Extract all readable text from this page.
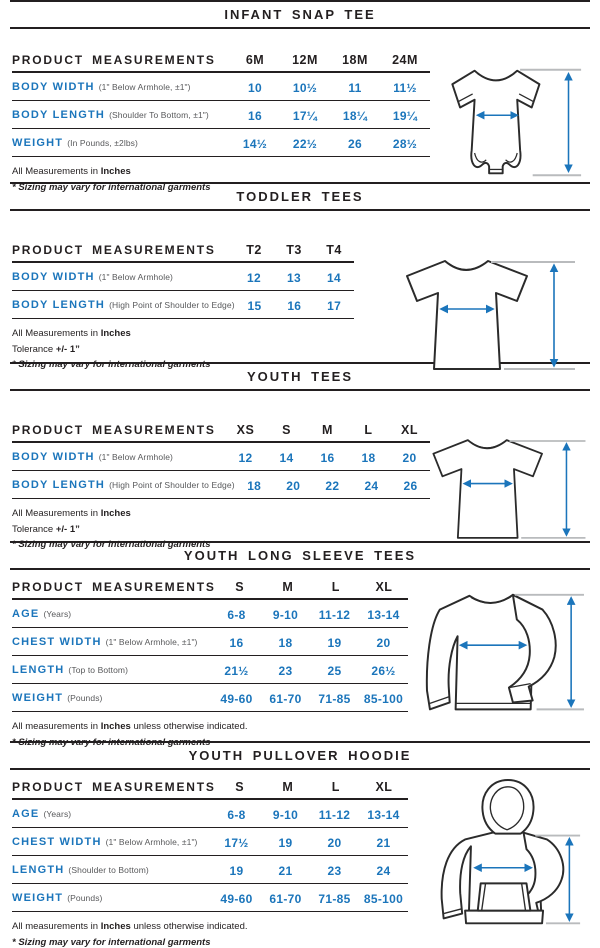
INFANT SNAP TEE
PRODUCT MEASUREMENTS	6M	12M	18M	24M
BODY WIDTH (1" Below Armhole, ±1")	10	10½	11	11½
BODY LENGTH (Shoulder To Bottom, ±1")	16	17¼	18¼	19¼
WEIGHT (In Pounds, ±2lbs)	14½	22½	26	28½
All Measurements in Inches
* Sizing may vary for international garments
TODDLER TEES
PRODUCT MEASUREMENTS	T2	T3	T4
BODY WIDTH (1" Below Armhole)	12	13	14
BODY LENGTH (High Point of Shoulder to Edge)	15	16	17
All Measurements in Inches
Tolerance +/- 1”
* Sizing may vary for international garments
YOUTH TEES
PRODUCT MEASUREMENTS	XS	S	M	L	XL
BODY WIDTH (1" Below Armhole)	12	14	16	18	20
BODY LENGTH (High Point of Shoulder to Edge)	18	20	22	24	26
All Measurements in Inches
Tolerance +/- 1”
* Sizing may vary for international garments
YOUTH LONG SLEEVE TEES
PRODUCT MEASUREMENTS	S	M	L	XL
AGE (Years)	6-8	9-10	11-12	13-14
CHEST WIDTH (1" Below Armhole, ±1")	16	18	19	20
LENGTH (Top to Bottom)	21½	23	25	26½
WEIGHT (Pounds)	49-60	61-70	71-85	85-100
All measurements in Inches unless otherwise indicated.
* Sizing may vary for international garments
YOUTH PULLOVER HOODIE
PRODUCT MEASUREMENTS	S	M	L	XL
AGE (Years)	6-8	9-10	11-12	13-14
CHEST WIDTH (1" Below Armhole, ±1")	17½	19	20	21
LENGTH (Shoulder to Bottom)	19	21	23	24
WEIGHT (Pounds)	49-60	61-70	71-85	85-100
All measurements in Inches unless otherwise indicated.
* Sizing may vary for international garments
